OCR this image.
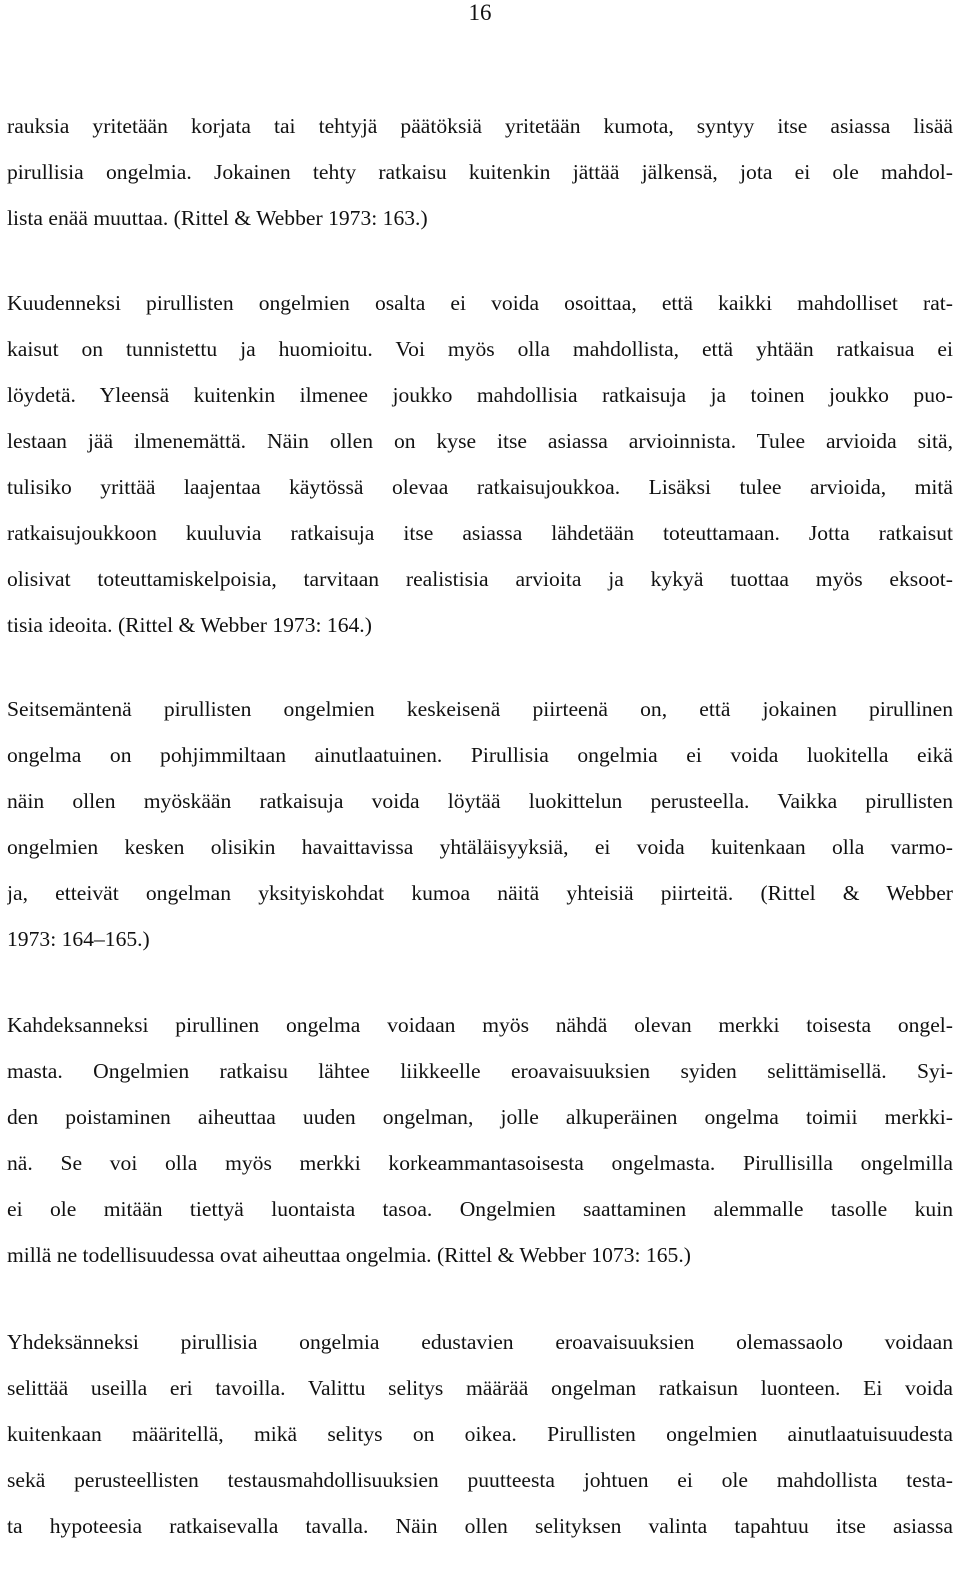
16
rauksia yritetään korjata tai tehtyjä päätöksiä yritetään kumota, syntyy itse asiassa lisää
pirullisia ongelmia. Jokainen tehty ratkaisu kuitenkin jättää jälkensä, jota ei ole mahdol-
lista enää muuttaa. (Rittel & Webber 1973: 163.)
Kuudenneksi pirullisten ongelmien osalta ei voida osoittaa, että kaikki mahdolliset rat-
kaisut on tunnistettu ja huomioitu. Voi myös olla mahdollista, että yhtään ratkaisua ei
löydetä. Yleensä kuitenkin ilmenee joukko mahdollisia ratkaisuja ja toinen joukko puo-
lestaan jää ilmenemättä. Näin ollen on kyse itse asiassa arvioinnista. Tulee arvioida sitä,
tulisiko yrittää laajentaa käytössä olevaa ratkaisujoukkoa. Lisäksi tulee arvioida, mitä
ratkaisujoukkoon kuuluvia ratkaisuja itse asiassa lähdetään toteuttamaan. Jotta ratkaisut
olisivat toteuttamiskelpoisia, tarvitaan realistisia arvioita ja kykyä tuottaa myös eksoot-
tisia ideoita. (Rittel & Webber 1973: 164.)
Seitsemäntenä pirullisten ongelmien keskeisenä piirteenä on, että jokainen pirullinen
ongelma on pohjimmiltaan ainutlaatuinen. Pirullisia ongelmia ei voida luokitella eikä
näin ollen myöskään ratkaisuja voida löytää luokittelun perusteella. Vaikka pirullisten
ongelmien kesken olisikin havaittavissa yhtäläisyyksiä, ei voida kuitenkaan olla varmo-
ja, etteivät ongelman yksityiskohdat kumoa näitä yhteisiä piirteitä. (Rittel & Webber
1973: 164–165.)
Kahdeksanneksi pirullinen ongelma voidaan myös nähdä olevan merkki toisesta ongel-
masta. Ongelmien ratkaisu lähtee liikkeelle eroavaisuuksien syiden selittämisellä. Syi-
den poistaminen aiheuttaa uuden ongelman, jolle alkuperäinen ongelma toimii merkki-
nä. Se voi olla myös merkki korkeammantasoisesta ongelmasta. Pirullisilla ongelmilla
ei ole mitään tiettyä luontaista tasoa. Ongelmien saattaminen alemmalle tasolle kuin
millä ne todellisuudessa ovat aiheuttaa ongelmia. (Rittel & Webber 1073: 165.)
Yhdeksänneksi pirullisia ongelmia edustavien eroavaisuuksien olemassaolo voidaan
selittää useilla eri tavoilla. Valittu selitys määrää ongelman ratkaisun luonteen. Ei voida
kuitenkaan määritellä, mikä selitys on oikea. Pirullisten ongelmien ainutlaatuisuudesta
sekä perusteellisten testausmahdollisuuksien puutteesta johtuen ei ole mahdollista testa-
ta hypoteesia ratkaisevalla tavalla. Näin ollen selityksen valinta tapahtuu itse asiassa
